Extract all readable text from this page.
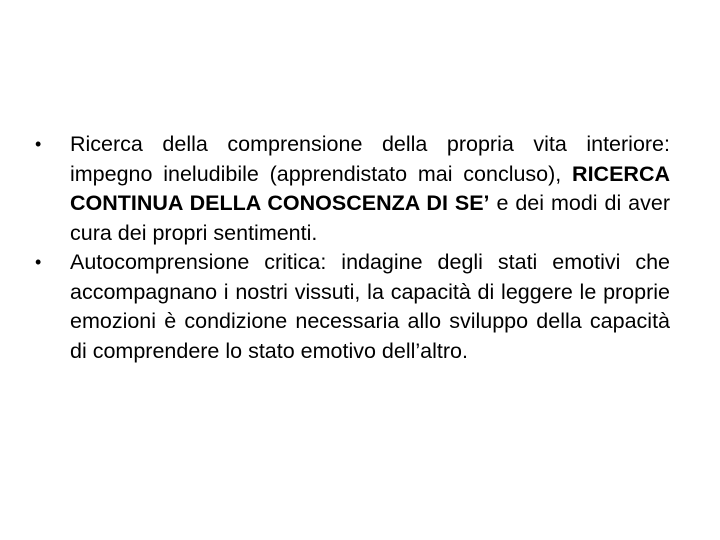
• Ricerca della comprensione della propria vita interiore: impegno ineludibile (apprendistato mai concluso), RICERCA CONTINUA DELLA CONOSCENZA DI SE’ e dei modi di aver cura dei propri sentimenti.
• Autocomprensione critica: indagine degli stati emotivi che accompagnano i nostri vissuti, la capacità di leggere le proprie emozioni è condizione necessaria allo sviluppo della capacità di comprendere lo stato emotivo dell’altro.
